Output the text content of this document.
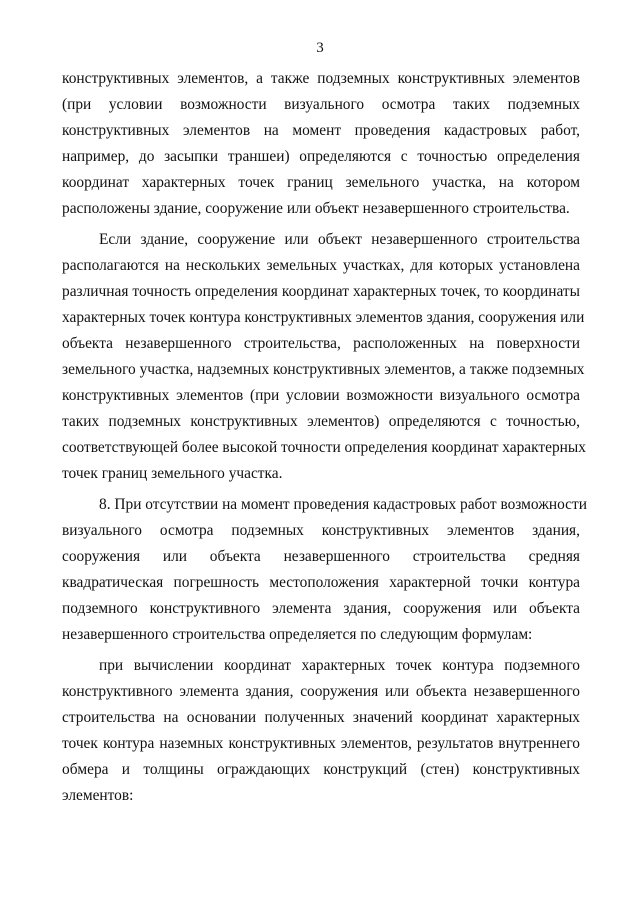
3
конструктивных элементов, а также подземных конструктивных элементов
(при условии возможности визуального осмотра таких подземных
конструктивных элементов на момент проведения кадастровых работ,
например, до засыпки траншеи) определяются с точностью определения
координат характерных точек границ земельного участка, на котором
расположены здание, сооружение или объект незавершенного строительства.
Если здание, сооружение или объект незавершенного строительства
располагаются на нескольких земельных участках, для которых установлена
различная точность определения координат характерных точек, то координаты
характерных точек контура конструктивных элементов здания, сооружения или
объекта незавершенного строительства, расположенных на поверхности
земельного участка, надземных конструктивных элементов, а также подземных
конструктивных элементов (при условии возможности визуального осмотра
таких подземных конструктивных элементов) определяются с точностью,
соответствующей более высокой точности определения координат характерных
точек границ земельного участка.
8. При отсутствии на момент проведения кадастровых работ возможности
визуального осмотра подземных конструктивных элементов здания,
сооружения или объекта незавершенного строительства средняя
квадратическая погрешность местоположения характерной точки контура
подземного конструктивного элемента здания, сооружения или объекта
незавершенного строительства определяется по следующим формулам:
при вычислении координат характерных точек контура подземного
конструктивного элемента здания, сооружения или объекта незавершенного
строительства на основании полученных значений координат характерных
точек контура наземных конструктивных элементов, результатов внутреннего
обмера и толщины ограждающих конструкций (стен) конструктивных
элементов:
